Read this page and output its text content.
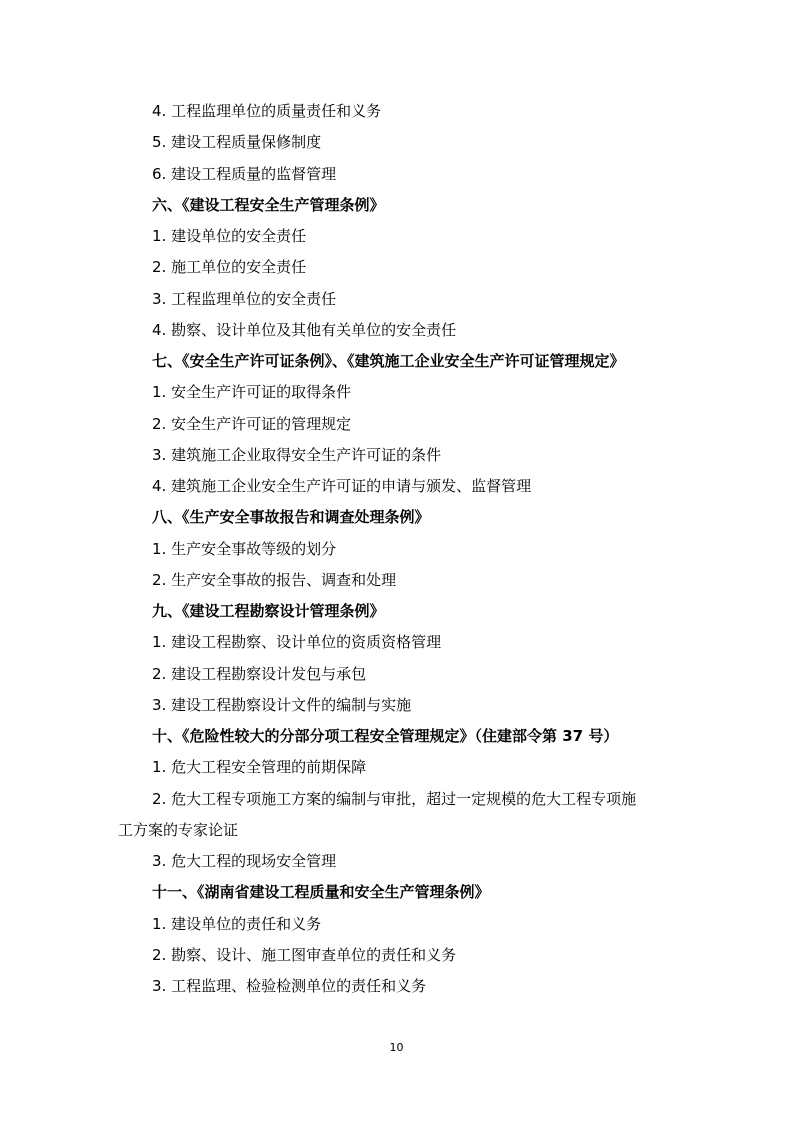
4. 工程监理单位的质量责任和义务
5. 建设工程质量保修制度
6. 建设工程质量的监督管理
六、《建设工程安全生产管理条例》
1. 建设单位的安全责任
2. 施工单位的安全责任
3. 工程监理单位的安全责任
4. 勘察、设计单位及其他有关单位的安全责任
七、《安全生产许可证条例》、《建筑施工企业安全生产许可证管理规定》
1. 安全生产许可证的取得条件
2. 安全生产许可证的管理规定
3. 建筑施工企业取得安全生产许可证的条件
4. 建筑施工企业安全生产许可证的申请与颁发、监督管理
八、《生产安全事故报告和调查处理条例》
1. 生产安全事故等级的划分
2. 生产安全事故的报告、调查和处理
九、《建设工程勘察设计管理条例》
1. 建设工程勘察、设计单位的资质资格管理
2. 建设工程勘察设计发包与承包
3. 建设工程勘察设计文件的编制与实施
十、《危险性较大的分部分项工程安全管理规定》（住建部令第 37 号）
1. 危大工程安全管理的前期保障
2. 危大工程专项施工方案的编制与审批，超过一定规模的危大工程专项施
工方案的专家论证
3. 危大工程的现场安全管理
十一、《湖南省建设工程质量和安全生产管理条例》
1. 建设单位的责任和义务
2. 勘察、设计、施工图审查单位的责任和义务
3. 工程监理、检验检测单位的责任和义务
10
